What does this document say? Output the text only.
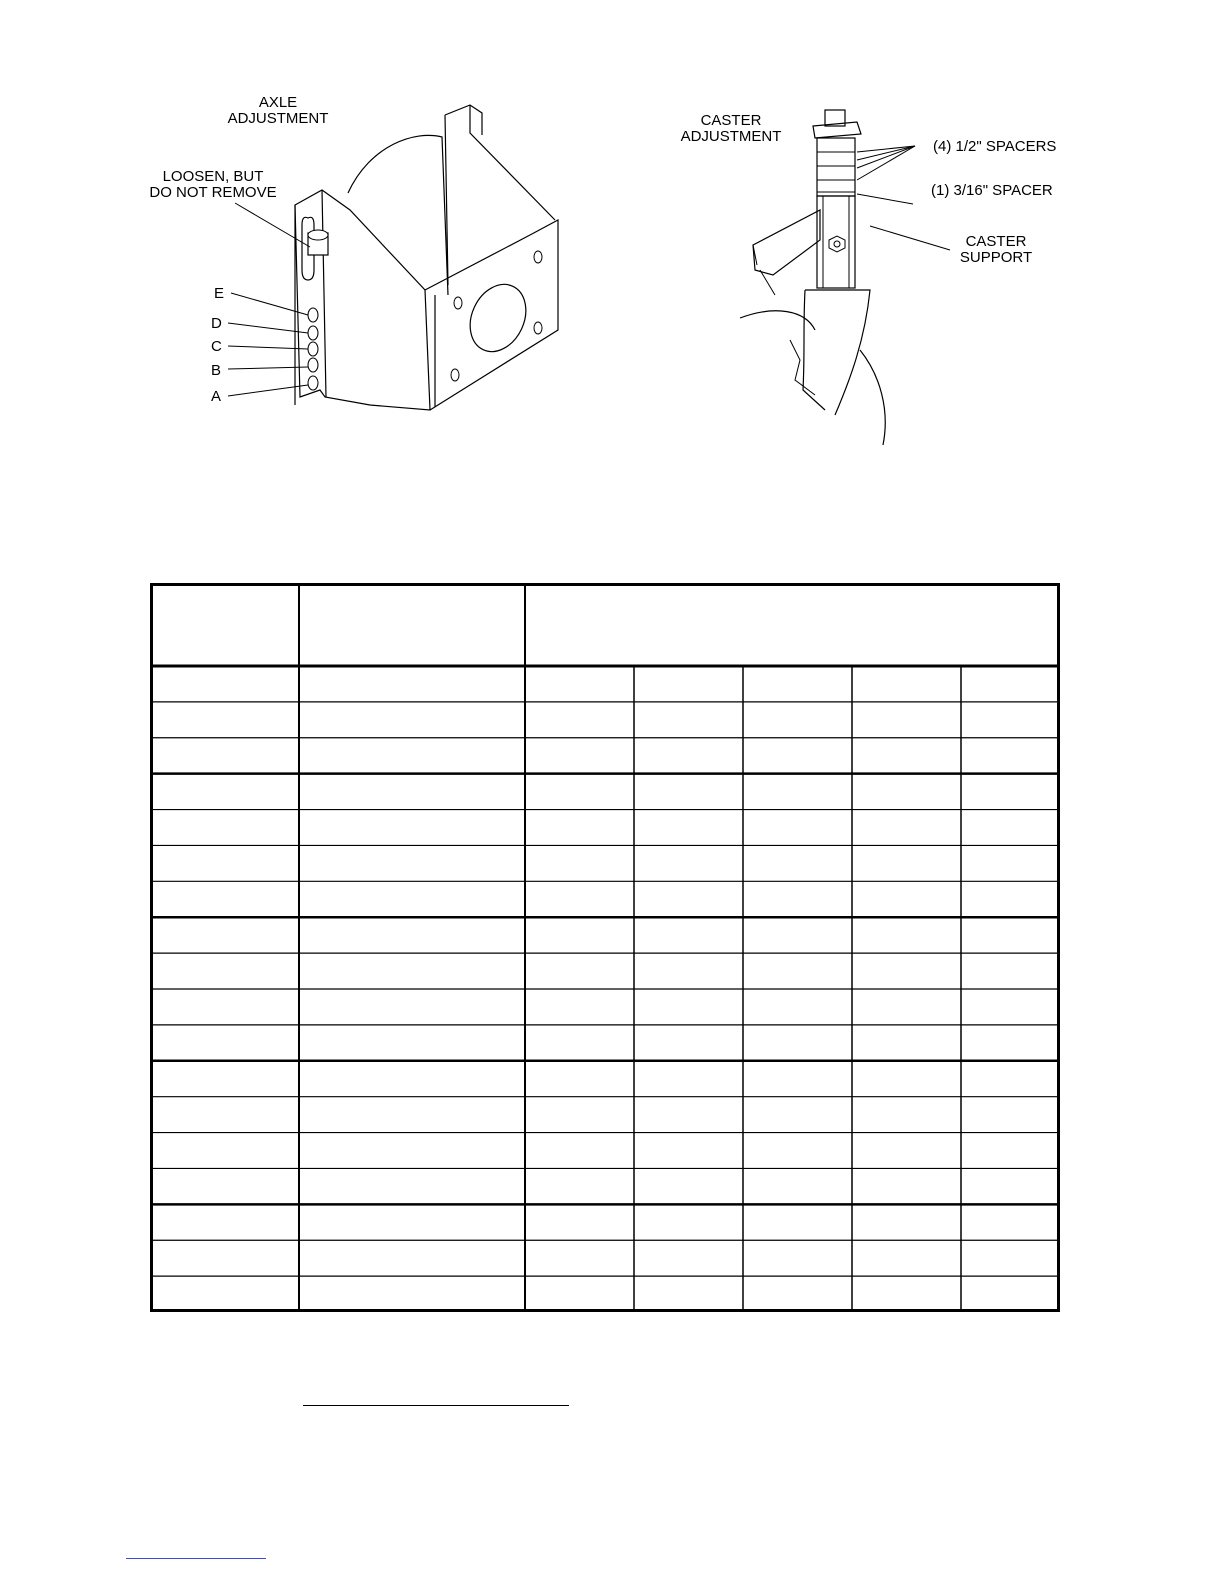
AXLE
ADJUSTMENT
LOOSEN, BUT
DO NOT REMOVE
E
D
C
B
A
CASTER
ADJUSTMENT
(4) 1/2" SPACERS
(1) 3/16" SPACER
CASTER
SUPPORT
